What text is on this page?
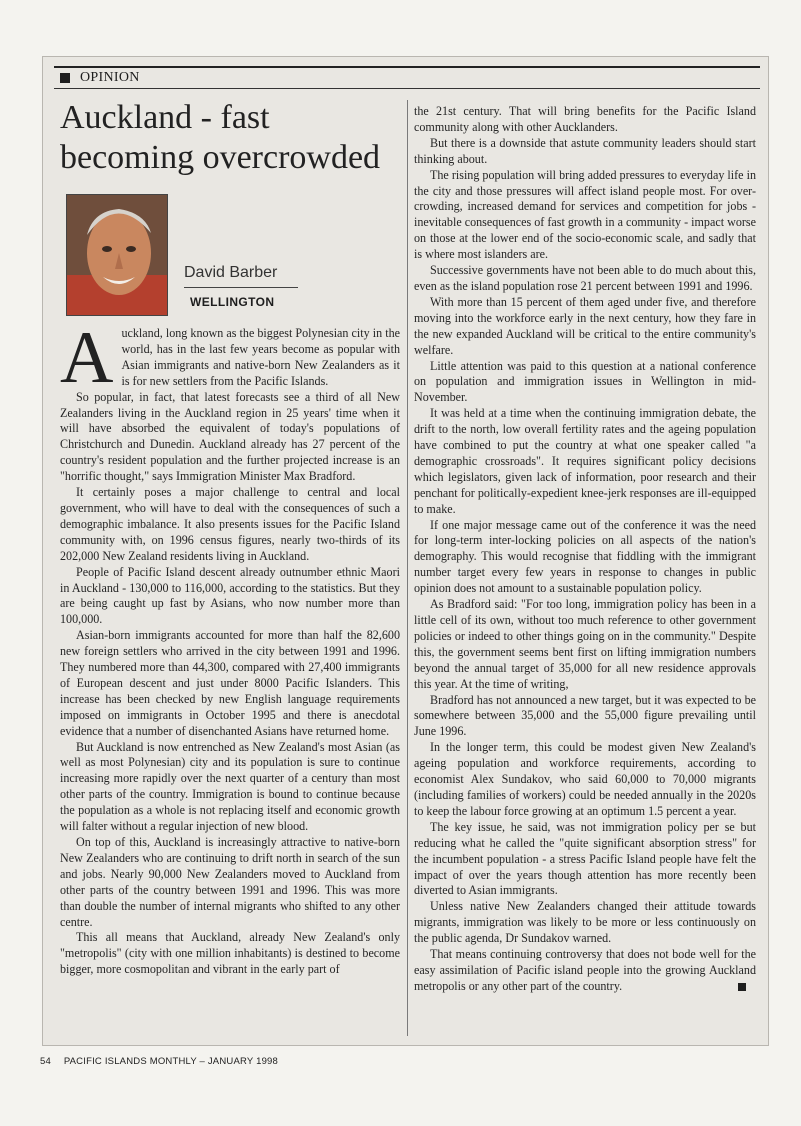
OPINION
Auckland - fast becoming overcrowded
David Barber
WELLINGTON

Auckland, long known as the biggest Polynesian city in the world, has in the last few years become as popular with Asian immigrants and native-born New Zealanders as it is for new settlers from the Pacific Islands.

So popular, in fact, that latest forecasts see a third of all New Zealanders living in the Auckland region in 25 years' time when it will have absorbed the equivalent of today's populations of Christchurch and Dunedin. Auckland already has 27 percent of the country's resident population and the further projected increase is an "horrific thought," says Immigration Minister Max Bradford.

It certainly poses a major challenge to central and local government, who will have to deal with the consequences of such a demographic imbalance. It also presents issues for the Pacific Island community with, on 1996 census figures, nearly two-thirds of its 202,000 New Zealand residents living in Auckland.

People of Pacific Island descent already outnumber ethnic Maori in Auckland - 130,000 to 116,000, according to the statistics. But they are being caught up fast by Asians, who now number more than 100,000.

Asian-born immigrants accounted for more than half the 82,600 new foreign settlers who arrived in the city between 1991 and 1996. They numbered more than 44,300, compared with 27,400 immigrants of European descent and just under 8000 Pacific Islanders. This increase has been checked by new English language requirements imposed on immigrants in October 1995 and there is anecdotal evidence that a number of disenchanted Asians have returned home.

But Auckland is now entrenched as New Zealand's most Asian (as well as most Polynesian) city and its population is sure to continue increasing more rapidly over the next quarter of a century than most other parts of the country. Immigration is bound to continue because the population as a whole is not replacing itself and economic growth will falter without a regular injection of new blood.

On top of this, Auckland is increasingly attractive to native-born New Zealanders who are continuing to drift north in search of the sun and jobs. Nearly 90,000 New Zealanders moved to Auckland from other parts of the country between 1991 and 1996. This was more than double the number of internal migrants who shifted to any other centre.

This all means that Auckland, already New Zealand's only "metropolis" (city with one million inhabitants) is destined to become bigger, more cosmopolitan and vibrant in the early part of

the 21st century. That will bring benefits for the Pacific Island community along with other Aucklanders.

But there is a downside that astute community leaders should start thinking about.

The rising population will bring added pressures to everyday life in the city and those pressures will affect island people most. For over-crowding, increased demand for services and competition for jobs - inevitable consequences of fast growth in a community - impact worse on those at the lower end of the socio-economic scale, and sadly that is where most islanders are.

Successive governments have not been able to do much about this, even as the island population rose 21 percent between 1991 and 1996.

With more than 15 percent of them aged under five, and therefore moving into the workforce early in the next century, how they fare in the new expanded Auckland will be critical to the entire community's welfare.

Little attention was paid to this question at a national conference on population and immigration issues in Wellington in mid-November.

It was held at a time when the continuing immigration debate, the drift to the north, low overall fertility rates and the ageing population have combined to put the country at what one speaker called "a demographic crossroads". It requires significant policy decisions which legislators, given lack of information, poor research and their penchant for politically-expedient knee-jerk responses are ill-equipped to make.

If one major message came out of the conference it was the need for long-term inter-locking policies on all aspects of the nation's demography. This would recognise that fiddling with the immigrant number target every few years in response to changes in public opinion does not amount to a sustainable population policy.

As Bradford said: "For too long, immigration policy has been in a little cell of its own, without too much reference to other government policies or indeed to other things going on in the community." Despite this, the government seems bent first on lifting immigration numbers beyond the annual target of 35,000 for all new residence approvals this year. At the time of writing,

Bradford has not announced a new target, but it was expected to be somewhere between 35,000 and the 55,000 figure prevailing until June 1996.

In the longer term, this could be modest given New Zealand's ageing population and workforce requirements, according to economist Alex Sundakov, who said 60,000 to 70,000 migrants (including families of workers) could be needed annually in the 2020s to keep the labour force growing at an optimum 1.5 percent a year.

The key issue, he said, was not immigration policy per se but reducing what he called the "quite significant absorption stress" for the incumbent population - a stress Pacific Island people have felt the impact of over the years though attention has more recently been diverted to Asian immigrants.

Unless native New Zealanders changed their attitude towards migrants, immigration was likely to be more or less continuously on the public agenda, Dr Sundakov warned.

That means continuing controversy that does not bode well for the easy assimilation of Pacific island people into the growing Auckland metropolis or any other part of the country.

54 PACIFIC ISLANDS MONTHLY – JANUARY 1998
